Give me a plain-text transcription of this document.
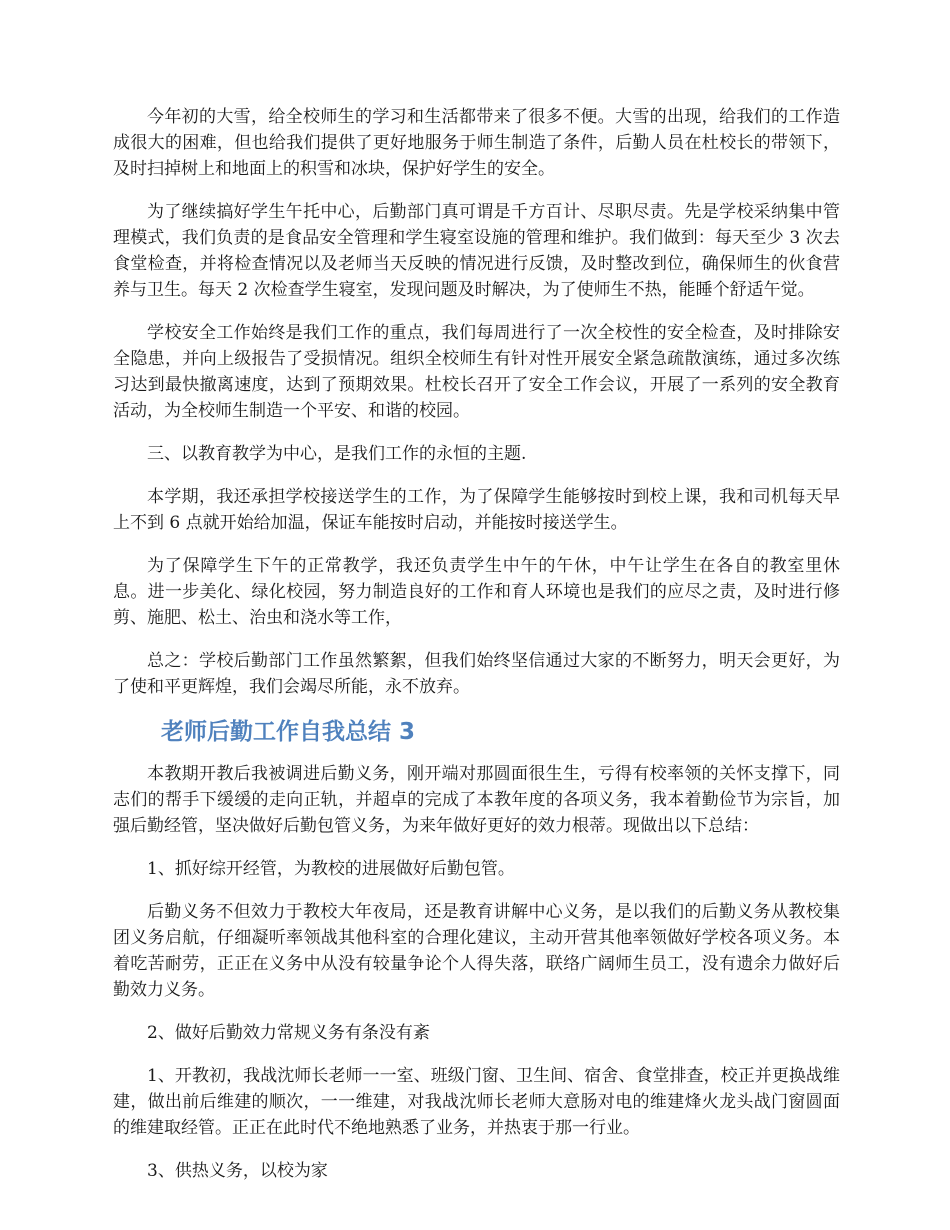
今年初的大雪，给全校师生的学习和生活都带来了很多不便。大雪的出现，给我们的工作造成很大的困难，但也给我们提供了更好地服务于师生制造了条件，后勤人员在杜校长的带领下，及时扫掉树上和地面上的积雪和冰块，保护好学生的安全。

为了继续搞好学生午托中心，后勤部门真可谓是千方百计、尽职尽责。先是学校采纳集中管理模式，我们负责的是食品安全管理和学生寝室设施的管理和维护。我们做到：每天至少 3 次去食堂检查，并将检查情况以及老师当天反映的情况进行反馈，及时整改到位，确保师生的伙食营养与卫生。每天 2 次检查学生寝室，发现问题及时解决，为了使师生不热，能睡个舒适午觉。

学校安全工作始终是我们工作的重点，我们每周进行了一次全校性的安全检查，及时排除安全隐患，并向上级报告了受损情况。组织全校师生有针对性开展安全紧急疏散演练，通过多次练习达到最快撤离速度，达到了预期效果。杜校长召开了安全工作会议，开展了一系列的安全教育活动，为全校师生制造一个平安、和谐的校园。

三、以教育教学为中心，是我们工作的永恒的主题.

本学期，我还承担学校接送学生的工作，为了保障学生能够按时到校上课，我和司机每天早上不到 6 点就开始给加温，保证车能按时启动，并能按时接送学生。

为了保障学生下午的正常教学，我还负责学生中午的午休，中午让学生在各自的教室里休息。进一步美化、绿化校园，努力制造良好的工作和育人环境也是我们的应尽之责，及时进行修剪、施肥、松土、治虫和浇水等工作，

总之：学校后勤部门工作虽然繁絮，但我们始终坚信通过大家的不断努力，明天会更好，为了使和平更辉煌，我们会竭尽所能，永不放弃。

老师后勤工作自我总结 3

本教期开教后我被调进后勤义务，刚开端对那圆面很生生，亏得有校率领的关怀支撑下，同志们的帮手下缓缓的走向正轨，并超卓的完成了本教年度的各项义务，我本着勤俭节为宗旨，加强后勤经管，坚决做好后勤包管义务，为来年做好更好的效力根蒂。现做出以下总结：

1、抓好综开经管，为教校的进展做好后勤包管。

后勤义务不但效力于教校大年夜局，还是教育讲解中心义务，是以我们的后勤义务从教校集团义务启航，仔细凝听率领战其他科室的合理化建议，主动开营其他率领做好学校各项义务。本着吃苦耐劳，正正在义务中从没有较量争论个人得失落，联络广阔师生员工，没有遗余力做好后勤效力义务。

2、做好后勤效力常规义务有条没有紊

1、开教初，我战沈师长老师一一室、班级门窗、卫生间、宿舍、食堂排查，校正并更换战维建，做出前后维建的顺次，一一维建，对我战沈师长老师大意肠对电的维建烽火龙头战门窗圆面的维建取经管。正正在此时代不绝地熟悉了业务，并热衷于那一行业。

3、供热义务，以校为家
